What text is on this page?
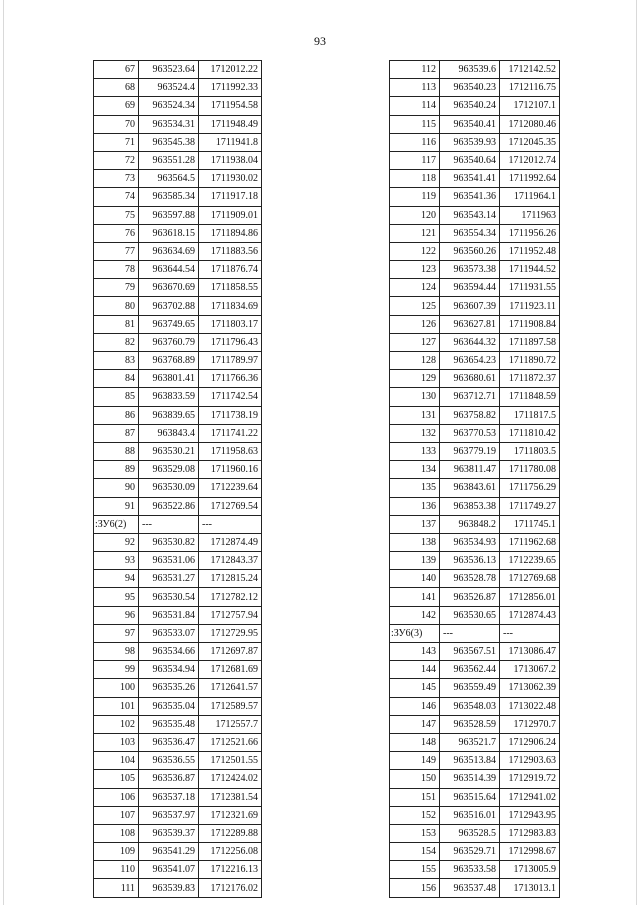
93
67	963523.64	1712012.22
68	963524.4	1711992.33
69	963524.34	1711954.58
70	963534.31	1711948.49
71	963545.38	1711941.8
72	963551.28	1711938.04
73	963564.5	1711930.02
74	963585.34	1711917.18
75	963597.88	1711909.01
76	963618.15	1711894.86
77	963634.69	1711883.56
78	963644.54	1711876.74
79	963670.69	1711858.55
80	963702.88	1711834.69
81	963749.65	1711803.17
82	963760.79	1711796.43
83	963768.89	1711789.97
84	963801.41	1711766.36
85	963833.59	1711742.54
86	963839.65	1711738.19
87	963843.4	1711741.22
88	963530.21	1711958.63
89	963529.08	1711960.16
90	963530.09	1712239.64
91	963522.86	1712769.54
:ЗУ6(2)	---	---
92	963530.82	1712874.49
93	963531.06	1712843.37
94	963531.27	1712815.24
95	963530.54	1712782.12
96	963531.84	1712757.94
97	963533.07	1712729.95
98	963534.66	1712697.87
99	963534.94	1712681.69
100	963535.26	1712641.57
101	963535.04	1712589.57
102	963535.48	1712557.7
103	963536.47	1712521.66
104	963536.55	1712501.55
105	963536.87	1712424.02
106	963537.18	1712381.54
107	963537.97	1712321.69
108	963539.37	1712289.88
109	963541.29	1712256.08
110	963541.07	1712216.13
111	963539.83	1712176.02
112	963539.6	1712142.52
113	963540.23	1712116.75
114	963540.24	1712107.1
115	963540.41	1712080.46
116	963539.93	1712045.35
117	963540.64	1712012.74
118	963541.41	1711992.64
119	963541.36	1711964.1
120	963543.14	1711963
121	963554.34	1711956.26
122	963560.26	1711952.48
123	963573.38	1711944.52
124	963594.44	1711931.55
125	963607.39	1711923.11
126	963627.81	1711908.84
127	963644.32	1711897.58
128	963654.23	1711890.72
129	963680.61	1711872.37
130	963712.71	1711848.59
131	963758.82	1711817.5
132	963770.53	1711810.42
133	963779.19	1711803.5
134	963811.47	1711780.08
135	963843.61	1711756.29
136	963853.38	1711749.27
137	963848.2	1711745.1
138	963534.93	1711962.68
139	963536.13	1712239.65
140	963528.78	1712769.68
141	963526.87	1712856.01
142	963530.65	1712874.43
:ЗУ6(3)	---	---
143	963567.51	1713086.47
144	963562.44	1713067.2
145	963559.49	1713062.39
146	963548.03	1713022.48
147	963528.59	1712970.7
148	963521.7	1712906.24
149	963513.84	1712903.63
150	963514.39	1712919.72
151	963515.64	1712941.02
152	963516.01	1712943.95
153	963528.5	1712983.83
154	963529.71	1712998.67
155	963533.58	1713005.9
156	963537.48	1713013.1
